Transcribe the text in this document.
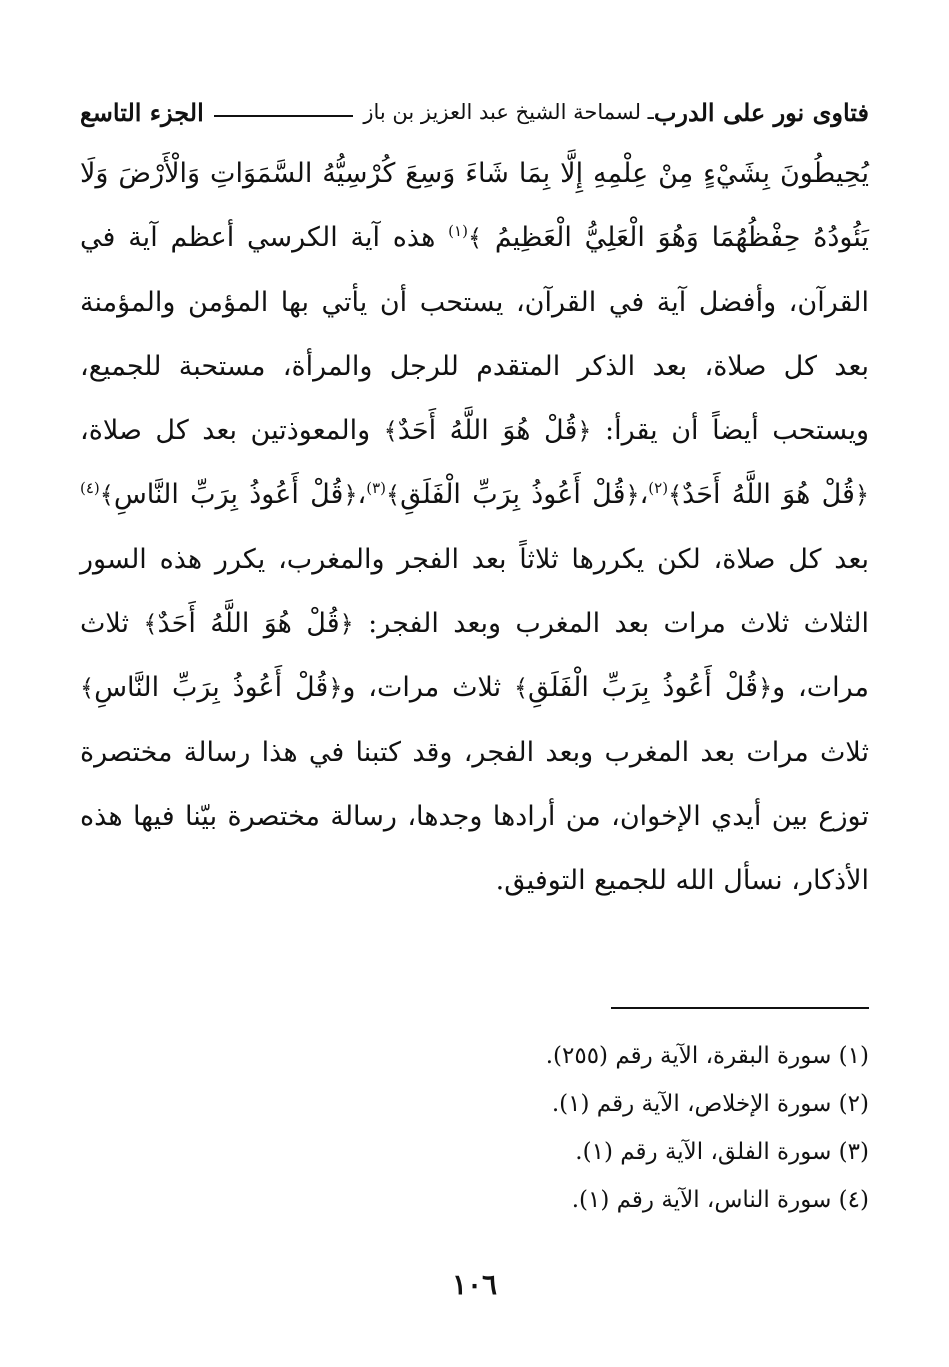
فتاوى نور على الدرب
ـ لسماحة الشيخ عبد العزيز بن باز
الجزء التاسع
يُحِيطُونَ بِشَيْءٍ مِنْ عِلْمِهِ إِلَّا بِمَا شَاءَ وَسِعَ كُرْسِيُّهُ السَّمَوَاتِ وَالْأَرْضَ وَلَا يَئُودُهُ حِفْظُهُمَا وَهُوَ الْعَلِيُّ الْعَظِيمُ ﴾$^{(١)}$ هذه آية الكرسي أعظم آية في القرآن، وأفضل آية في القرآن، يستحب أن يأتي بها المؤمن والمؤمنة بعد كل صلاة، بعد الذكر المتقدم للرجل والمرأة، مستحبة للجميع، ويستحب أيضاً أن يقرأ: ﴿قُلْ هُوَ اللَّهُ أَحَدٌ﴾ والمعوذتين بعد كل صلاة، ﴿قُلْ هُوَ اللَّهُ أَحَدٌ﴾$^{(٢)}$،﴿قُلْ أَعُوذُ بِرَبِّ الْفَلَقِ﴾$^{(٣)}$،﴿قُلْ أَعُوذُ بِرَبِّ النَّاسِ﴾$^{(٤)}$ بعد كل صلاة، لكن يكررها ثلاثاً بعد الفجر والمغرب، يكرر هذه السور الثلاث ثلاث مرات بعد المغرب وبعد الفجر: ﴿قُلْ هُوَ اللَّهُ أَحَدٌ﴾ ثلاث مرات، و﴿قُلْ أَعُوذُ بِرَبِّ الْفَلَقِ﴾ ثلاث مرات، و﴿قُلْ أَعُوذُ بِرَبِّ النَّاسِ﴾ ثلاث مرات بعد المغرب وبعد الفجر، وقد كتبنا في هذا رسالة مختصرة توزع بين أيدي الإخوان، من أرادها وجدها، رسالة مختصرة بيّنا فيها هذه الأذكار، نسأل الله للجميع التوفيق.
(١) سورة البقرة، الآية رقم (٢٥٥).
(٢) سورة الإخلاص، الآية رقم (١).
(٣) سورة الفلق، الآية رقم (١).
(٤) سورة الناس، الآية رقم (١).
١٠٦
